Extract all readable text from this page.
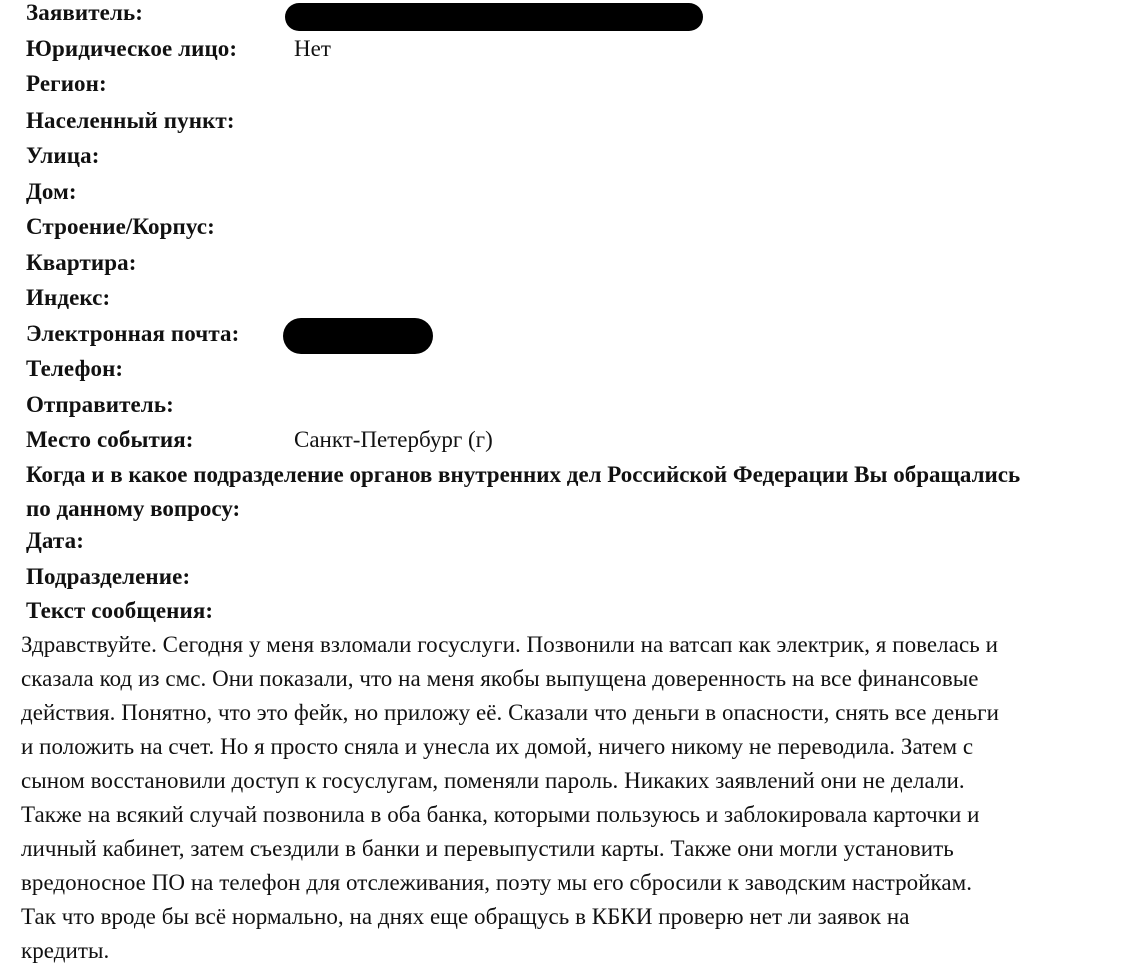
Заявитель:
Юридическое лицо: Нет
Регион:
Населенный пункт:
Улица:
Дом:
Строение/Корпус:
Квартира:
Индекс:
Электронная почта:
Телефон:
Отправитель:
Место события:	Санкт-Петербург (г)
Когда и в какое подразделение органов внутренних дел Российской Федерации Вы обращались по данному вопросу:
Дата:
Подразделение:
Текст сообщения:
Здравствуйте. Сегодня у меня взломали госуслуги. Позвонили на ватсап как электрик, я повелась и
сказала код из смс. Они показали, что на меня якобы выпущена доверенность на все финансовые
действия. Понятно, что это фейк, но приложу её. Сказали что деньги в опасности, снять все деньги
и положить на счет. Но я просто сняла и унесла их домой, ничего никому не переводила. Затем с
сыном восстановили доступ к госуслугам, поменяли пароль. Никаких заявлений они не делали.
Также на всякий случай позвонила в оба банка, которыми пользуюсь и заблокировала карточки и
личный кабинет, затем съездили в банки и перевыпустили карты. Также они могли установить
вредоносное ПО на телефон для отслеживания, поэту мы его сбросили к заводским настройкам.
Так что вроде бы всё нормально, на днях еще обращусь в КБКИ проверю нет ли заявок на
кредиты.
